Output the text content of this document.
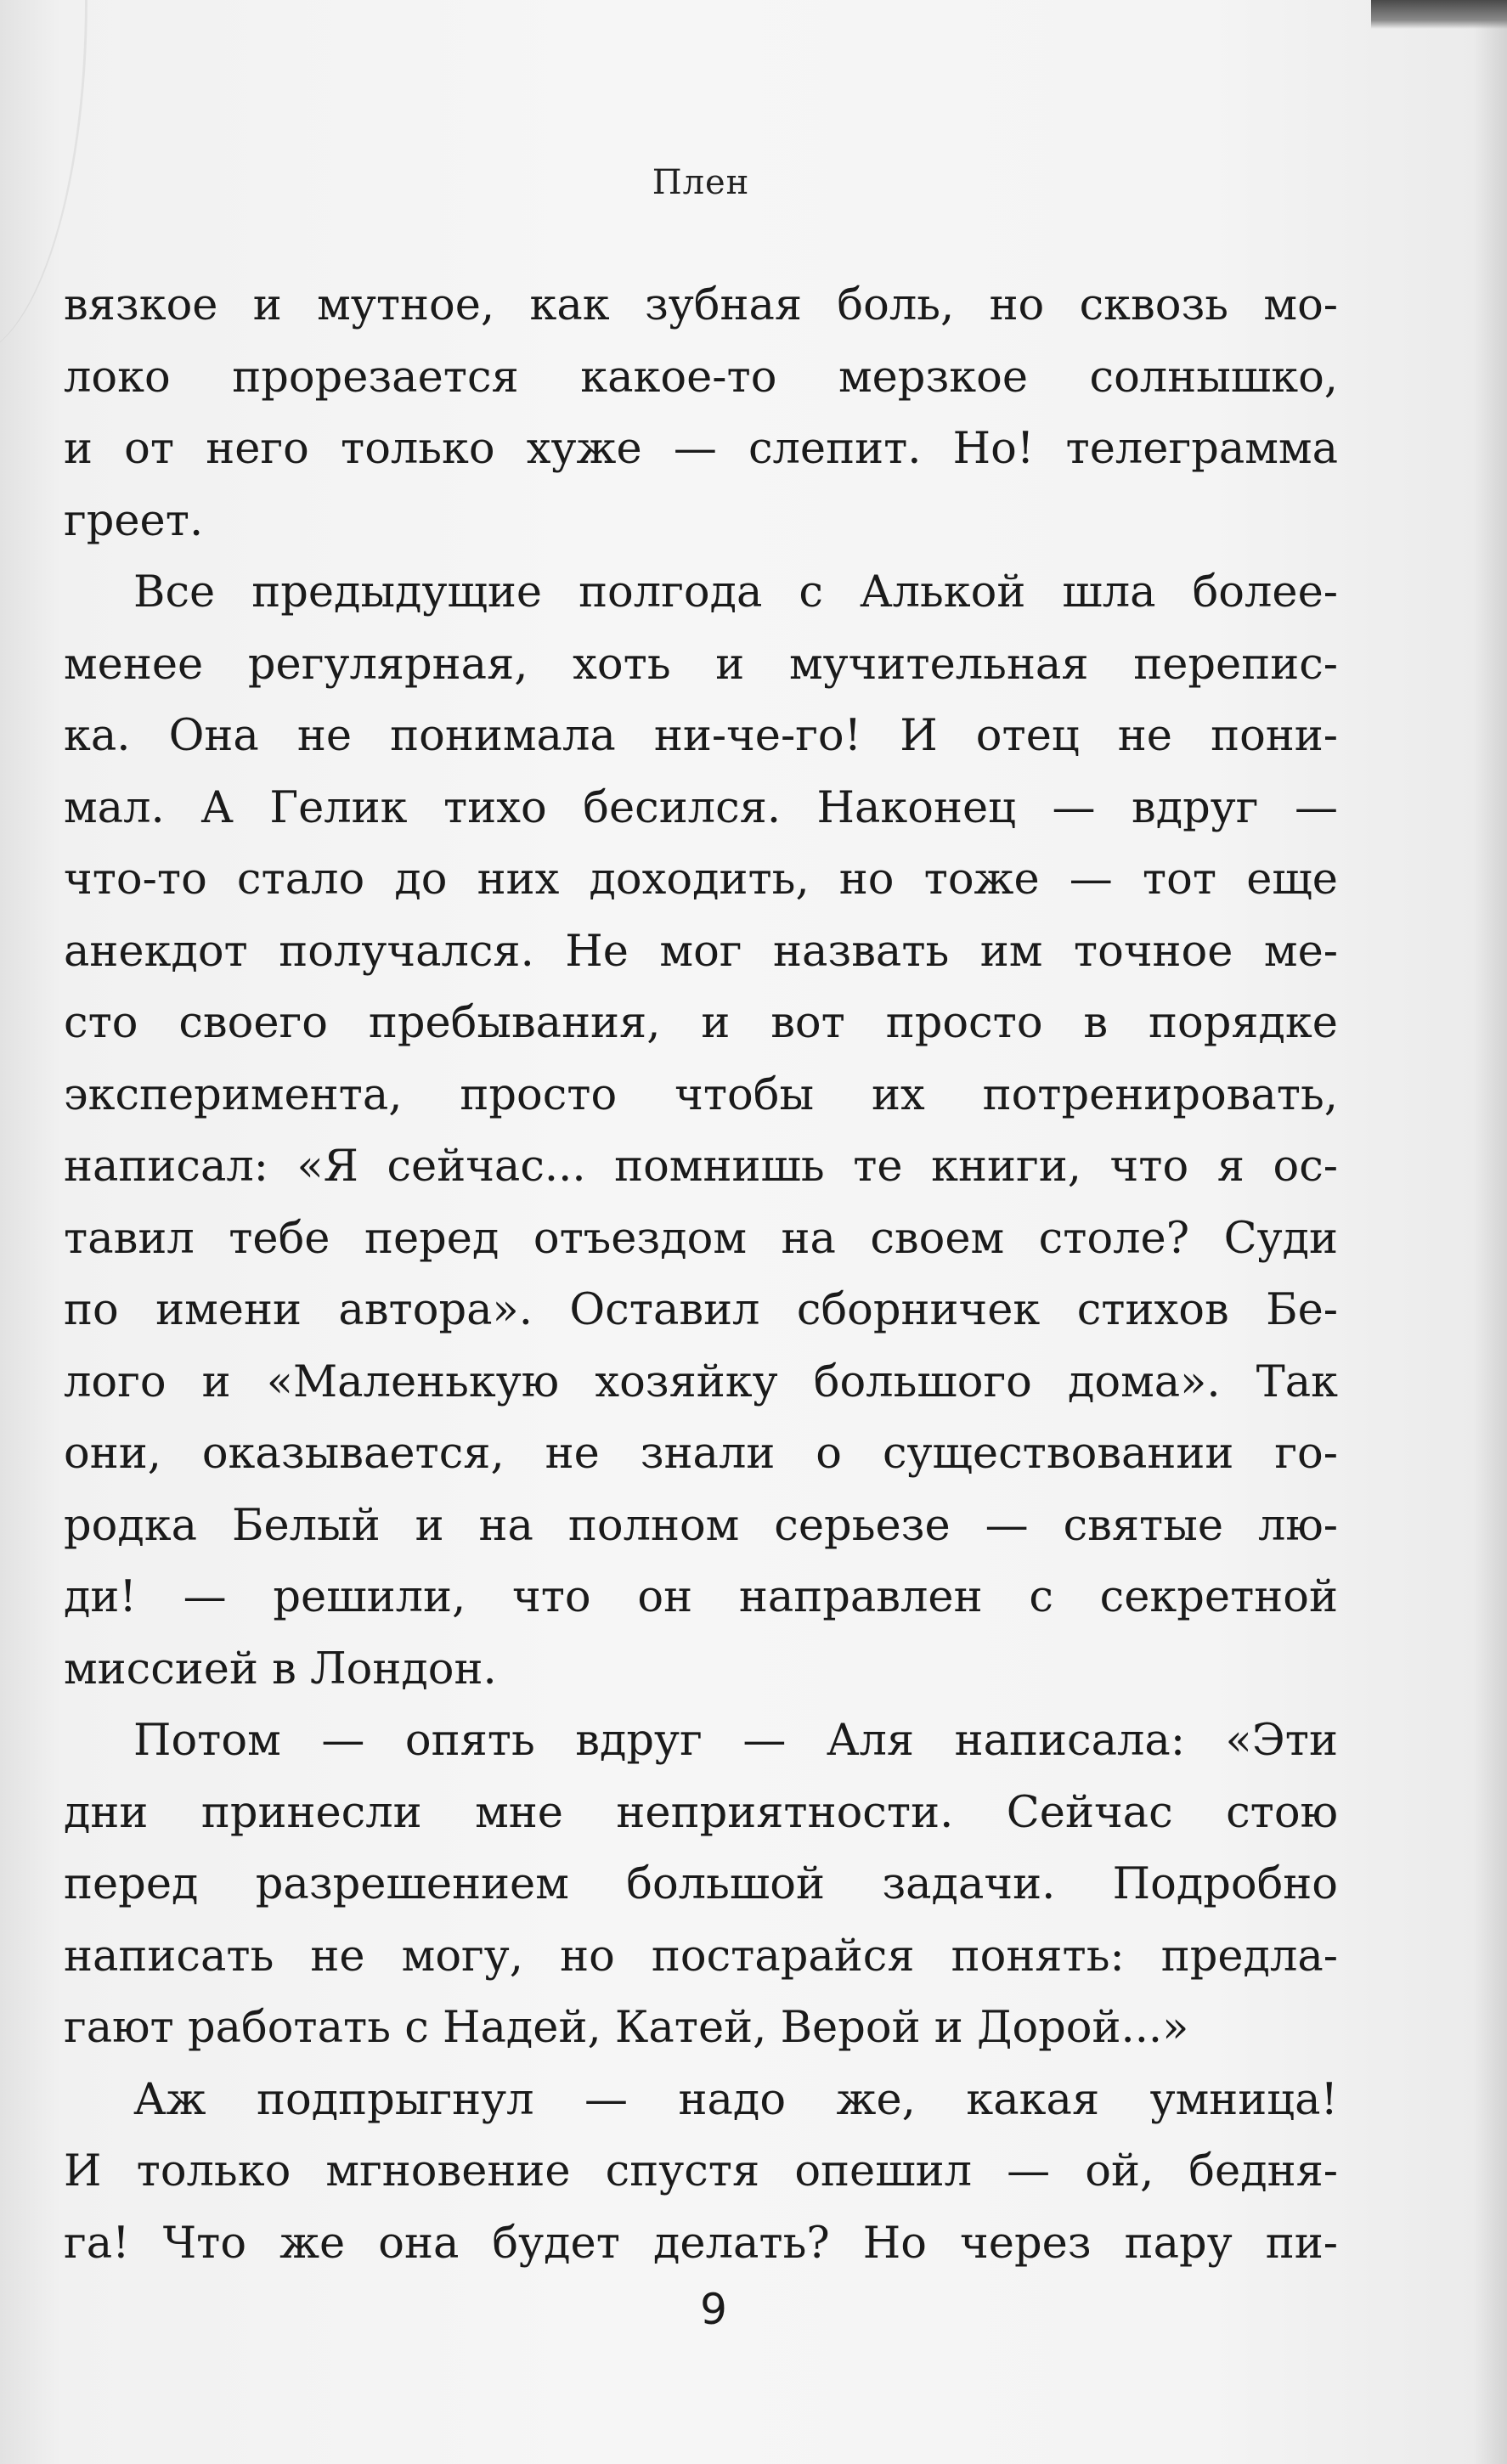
Плен
вязкое и мутное, как зубная боль, но сквозь мо-
локо прорезается какое-то мерзкое солнышко,
и от него только хуже — слепит. Но! телеграмма
греет.
Все предыдущие полгода с Алькой шла более-
менее регулярная, хоть и мучительная перепис-
ка. Она не понимала ни-че-го! И отец не пони-
мал. А Гелик тихо бесился. Наконец — вдруг —
что-то стало до них доходить, но тоже — тот еще
анекдот получался. Не мог назвать им точное ме-
сто своего пребывания, и вот просто в порядке
эксперимента, просто чтобы их потренировать,
написал: «Я сейчас... помнишь те книги, что я ос-
тавил тебе перед отъездом на своем столе? Суди
по имени автора». Оставил сборничек стихов Бе-
лого и «Маленькую хозяйку большого дома». Так
они, оказывается, не знали о существовании го-
родка Белый и на полном серьезе — святые лю-
ди! — решили, что он направлен с секретной
миссией в Лондон.
Потом — опять вдруг — Аля написала: «Эти
дни принесли мне неприятности. Сейчас стою
перед разрешением большой задачи. Подробно
написать не могу, но постарайся понять: предла-
гают работать с Надей, Катей, Верой и Дорой...»
Аж подпрыгнул — надо же, какая умница!
И только мгновение спустя опешил — ой, бедня-
га! Что же она будет делать? Но через пару пи-
9
